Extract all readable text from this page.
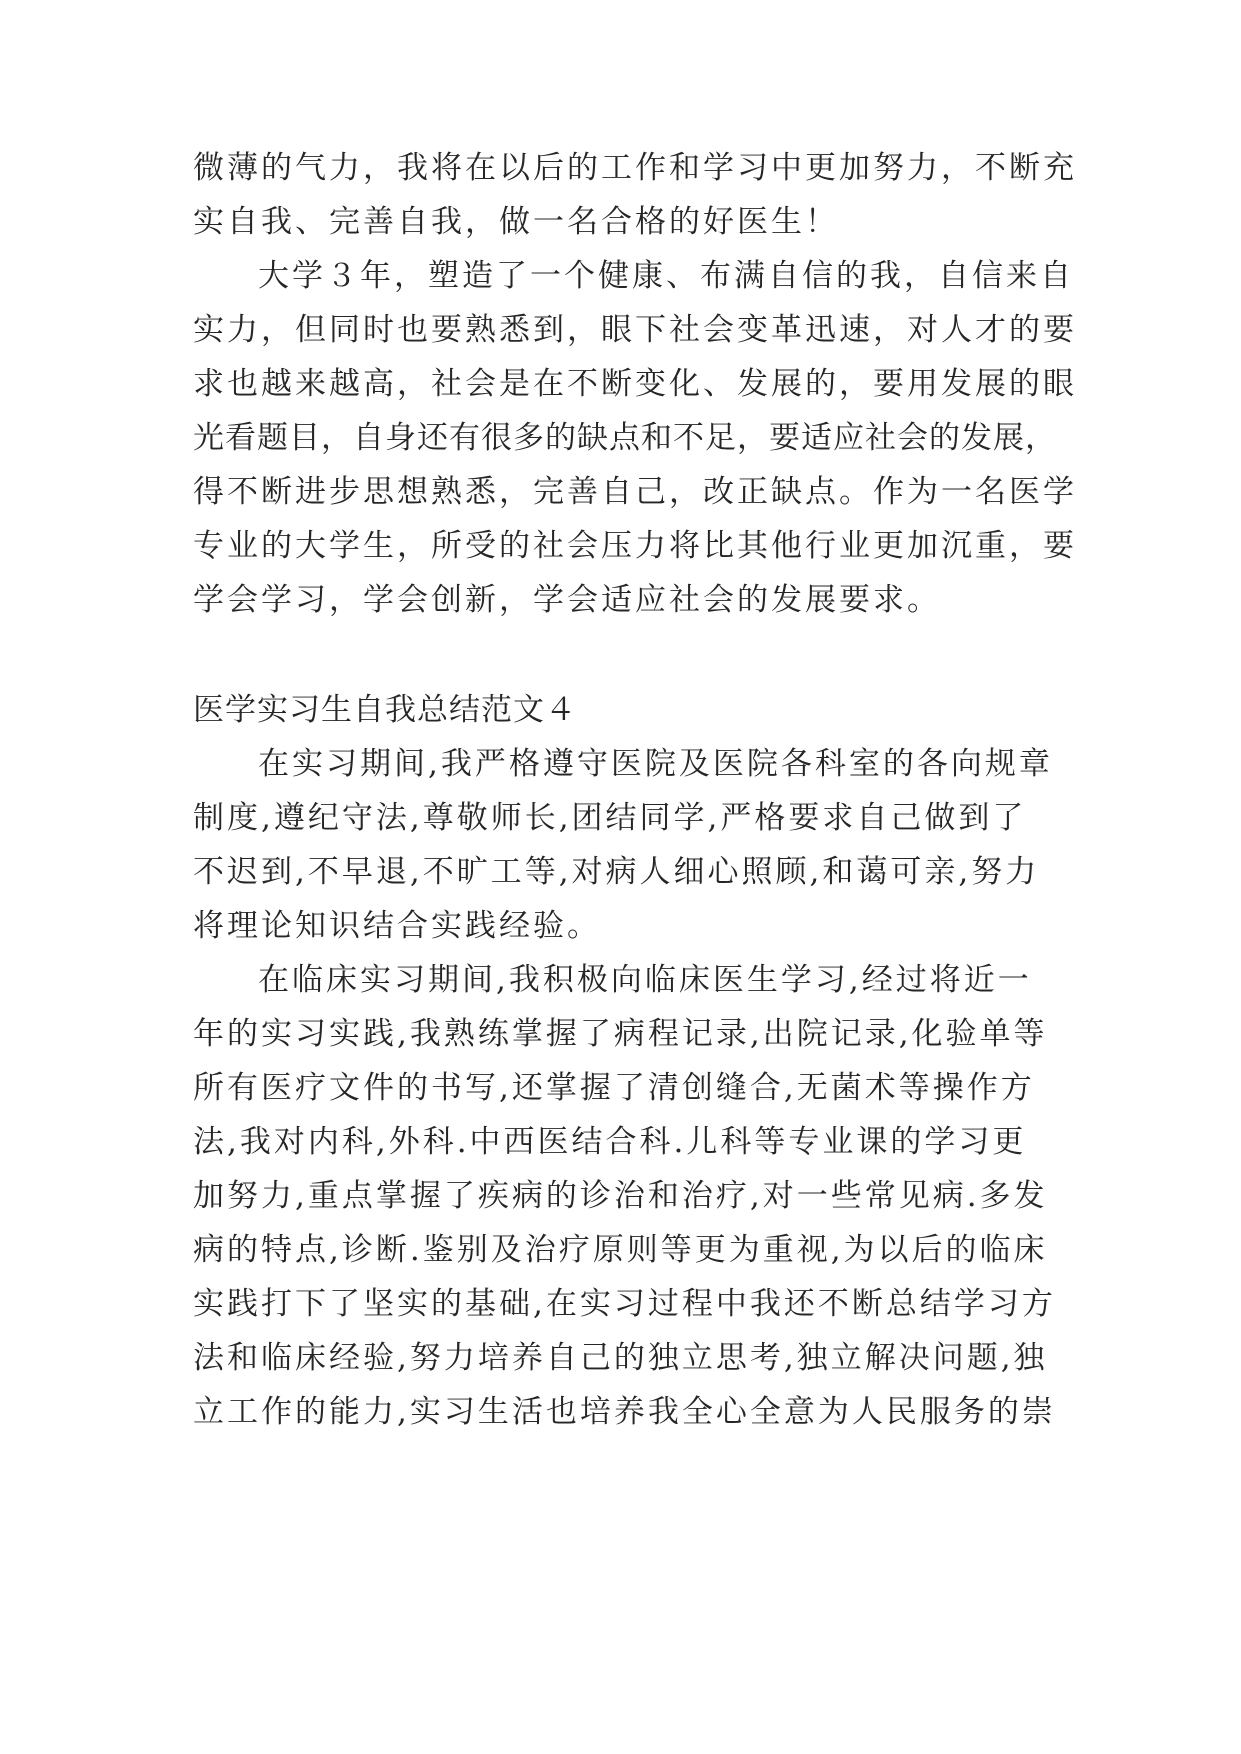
微薄的气力，我将在以后的工作和学习中更加努力，不断充
实自我、完善自我，做一名合格的好医生！
大学３年，塑造了一个健康、布满自信的我，自信来自
实力，但同时也要熟悉到，眼下社会变革迅速，对人才的要
求也越来越高，社会是在不断变化、发展的，要用发展的眼
光看题目，自身还有很多的缺点和不足，要适应社会的发展，
得不断进步思想熟悉，完善自己，改正缺点。作为一名医学
专业的大学生，所受的社会压力将比其他行业更加沉重，要
学会学习，学会创新，学会适应社会的发展要求。
医学实习生自我总结范文４
在实习期间,我严格遵守医院及医院各科室的各向规章
制度,遵纪守法,尊敬师长,团结同学,严格要求自己做到了
不迟到,不早退,不旷工等,对病人细心照顾,和蔼可亲,努力
将理论知识结合实践经验。
在临床实习期间,我积极向临床医生学习,经过将近一
年的实习实践,我熟练掌握了病程记录,出院记录,化验单等
所有医疗文件的书写,还掌握了清创缝合,无菌术等操作方
法,我对内科,外科.中西医结合科.儿科等专业课的学习更
加努力,重点掌握了疾病的诊治和治疗,对一些常见病.多发
病的特点,诊断.鉴别及治疗原则等更为重视,为以后的临床
实践打下了坚实的基础,在实习过程中我还不断总结学习方
法和临床经验,努力培养自己的独立思考,独立解决问题,独
立工作的能力,实习生活也培养我全心全意为人民服务的崇
